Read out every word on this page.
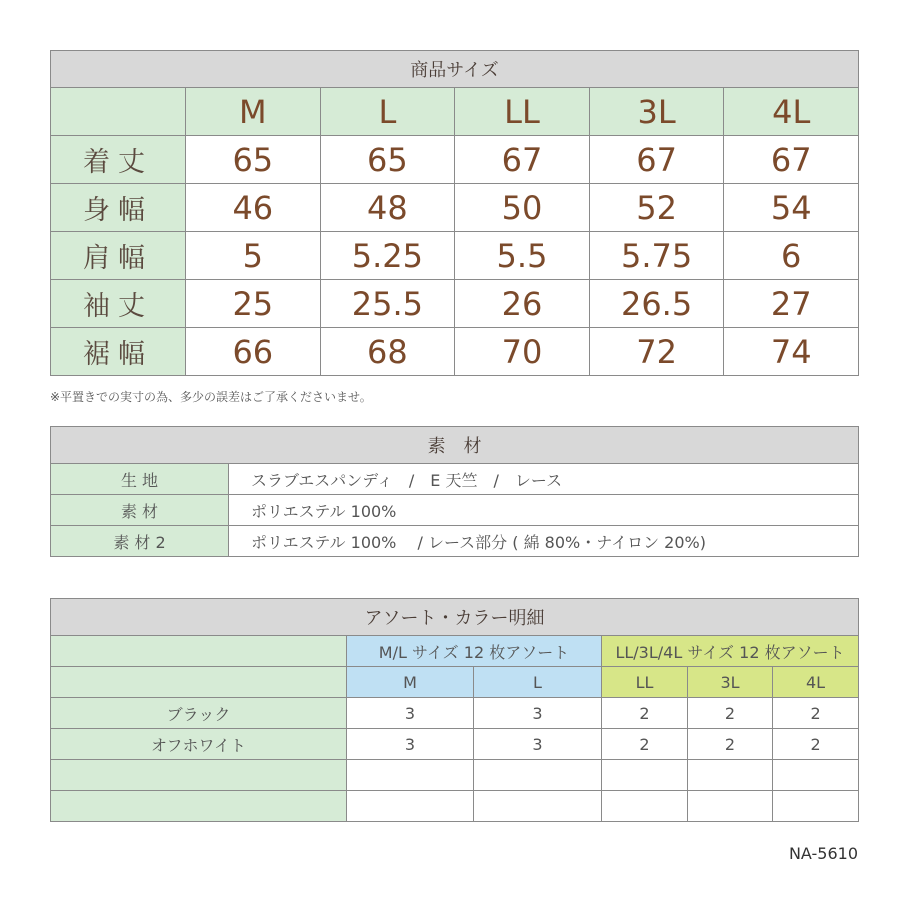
商品サイズ					
	M	L	LL	3L	4L
着丈	65	65	67	67	67
身幅	46	48	50	52	54
肩幅	5	5.25	5.5	5.75	6
袖丈	25	25.5	26	26.5	27
裾幅	66	68	70	72	74
※平置きでの実寸の為、多少の誤差はご了承くださいませ。
素　材	
生 地	スラブエスパンディ　/　E 天竺　/　レース
素 材	ポリエステル 100%
素 材 2	ポリエステル 100%　 / レース部分 ( 綿 80%・ナイロン 20%)
アソート・カラー明細					
	M/L サイズ 12 枚アソート		LL/3L/4L サイズ 12 枚アソート		
	M	L	LL	3L	4L
ブラック	3	3	2	2	2
オフホワイト	3	3	2	2	2

NA-5610
